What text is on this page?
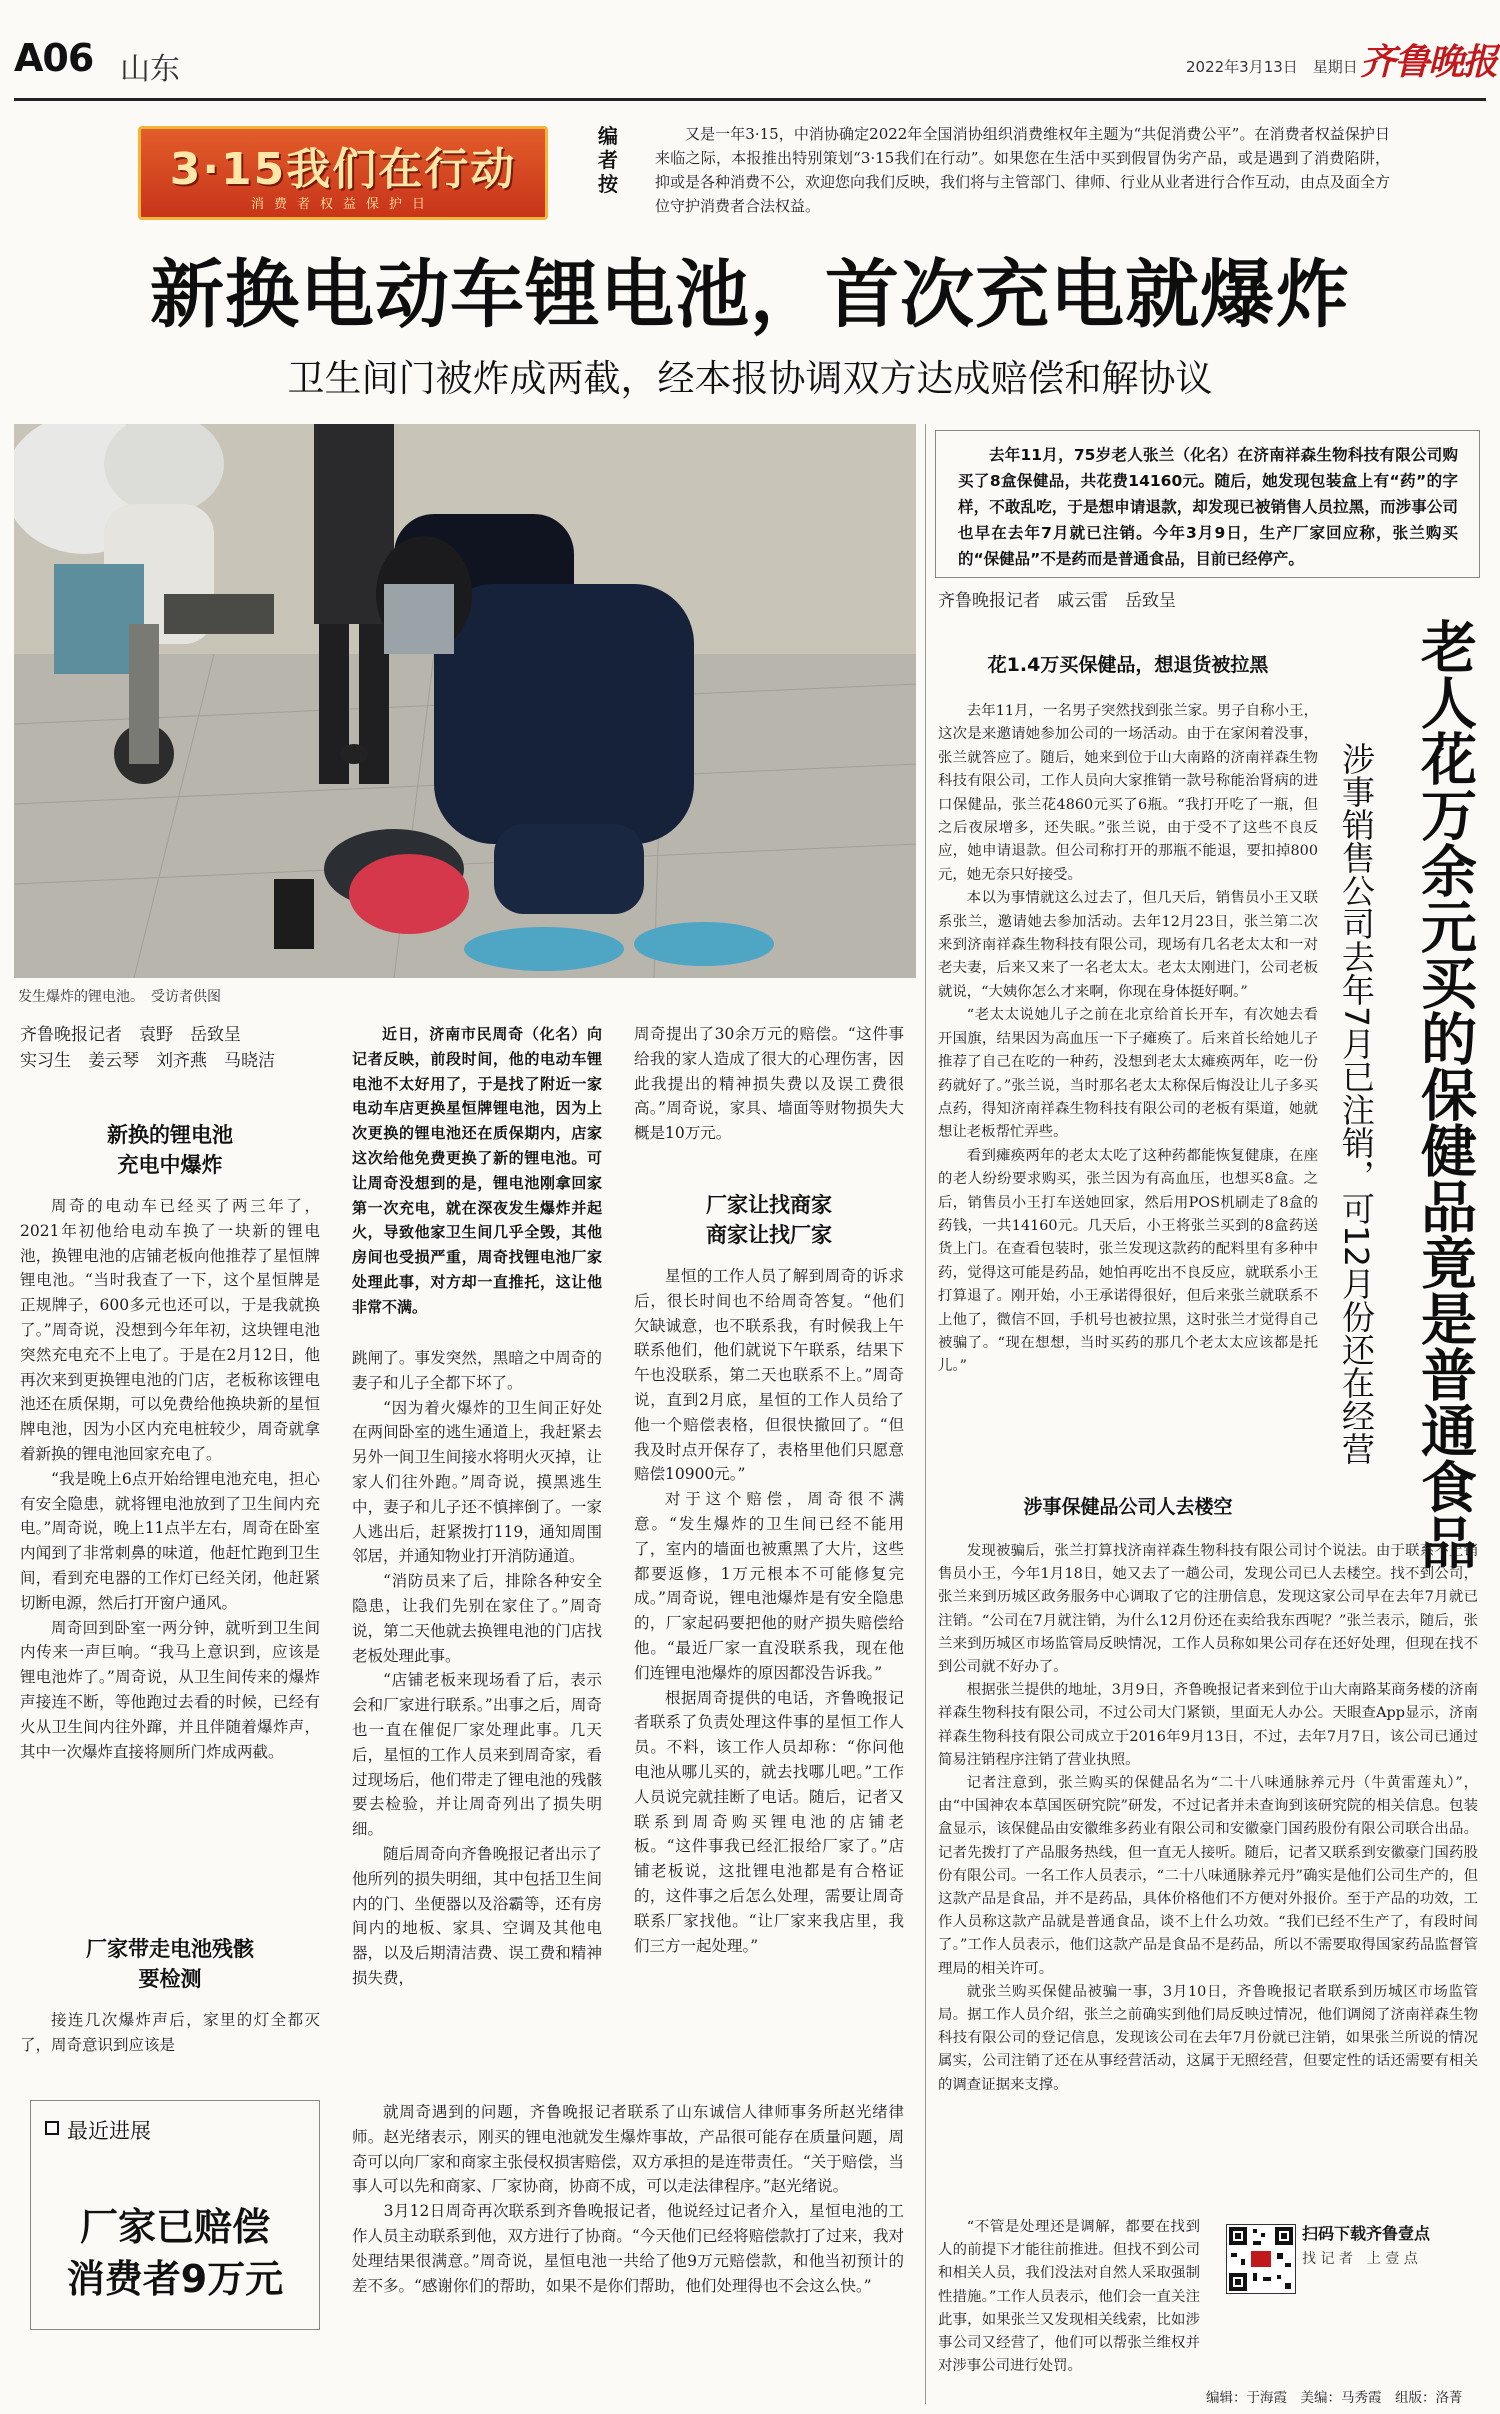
A06 山东	2022年3月13日　星期日 齐鲁晚报
3·15我们在行动
消费者权益保护日
编者按
又是一年3·15，中消协确定2022年全国消协组织消费维权年主题为“共促消费公平”。在消费者权益保护日来临之际，本报推出特别策划“3·15我们在行动”。如果您在生活中买到假冒伪劣产品，或是遇到了消费陷阱，抑或是各种消费不公，欢迎您向我们反映，我们将与主管部门、律师、行业从业者进行合作互动，由点及面全方位守护消费者合法权益。
新换电动车锂电池，首次充电就爆炸
卫生间门被炸成两截，经本报协调双方达成赔偿和解协议
发生爆炸的锂电池。　受访者供图
齐鲁晚报记者　袁野　岳致呈
实习生　姜云琴　刘齐燕　马晓洁
新换的锂电池
充电中爆炸

周奇的电动车已经买了两三年了，2021年初他给电动车换了一块新的锂电池，换锂电池的店铺老板向他推荐了星恒牌锂电池。“当时我查了一下，这个星恒牌是正规牌子，600多元也还可以，于是我就换了。”周奇说，没想到今年年初，这块锂电池突然充电充不上电了。于是在2月12日，他再次来到更换锂电池的门店，老板称该锂电池还在质保期，可以免费给他换块新的星恒牌电池，因为小区内充电桩较少，周奇就拿着新换的锂电池回家充电了。

“我是晚上6点开始给锂电池充电，担心有安全隐患，就将锂电池放到了卫生间内充电。”周奇说，晚上11点半左右，周奇在卧室内闻到了非常刺鼻的味道，他赶忙跑到卫生间，看到充电器的工作灯已经关闭，他赶紧切断电源，然后打开窗户通风。

周奇回到卧室一两分钟，就听到卫生间内传来一声巨响。“我马上意识到，应该是锂电池炸了。”周奇说，从卫生间传来的爆炸声接连不断，等他跑过去看的时候，已经有火从卫生间内往外蹿，并且伴随着爆炸声，其中一次爆炸直接将厕所门炸成两截。

厂家带走电池残骸
要检测

接连几次爆炸声后，家里的灯全都灭了，周奇意识到应该是

近日，济南市民周奇（化名）向记者反映，前段时间，他的电动车锂电池不太好用了，于是找了附近一家电动车店更换星恒牌锂电池，因为上次更换的锂电池还在质保期内，店家这次给他免费更换了新的锂电池。可让周奇没想到的是，锂电池刚拿回家第一次充电，就在深夜发生爆炸并起火，导致他家卫生间几乎全毁，其他房间也受损严重，周奇找锂电池厂家处理此事，对方却一直推托，这让他非常不满。

跳闸了。事发突然，黑暗之中周奇的妻子和儿子全都下坏了。

“因为着火爆炸的卫生间正好处在两间卧室的逃生通道上，我赶紧去另外一间卫生间接水将明火灭掉，让家人们往外跑。”周奇说，摸黑逃生中，妻子和儿子还不慎摔倒了。一家人逃出后，赶紧拨打119，通知周围邻居，并通知物业打开消防通道。

“消防员来了后，排除各种安全隐患，让我们先别在家住了。”周奇说，第二天他就去换锂电池的门店找老板处理此事。

“店铺老板来现场看了后，表示会和厂家进行联系。”出事之后，周奇也一直在催促厂家处理此事。几天后，星恒的工作人员来到周奇家，看过现场后，他们带走了锂电池的残骸要去检验，并让周奇列出了损失明细。

随后周奇向齐鲁晚报记者出示了他所列的损失明细，其中包括卫生间内的门、坐便器以及浴霸等，还有房间内的地板、家具、空调及其他电器，以及后期清洁费、误工费和精神损失费，

周奇提出了30余万元的赔偿。“这件事给我的家人造成了很大的心理伤害，因此我提出的精神损失费以及误工费很高。”周奇说，家具、墙面等财物损失大概是10万元。

厂家让找商家
商家让找厂家

星恒的工作人员了解到周奇的诉求后，很长时间也不给周奇答复。“他们欠缺诚意，也不联系我，有时候我上午联系他们，他们就说下午联系，结果下午也没联系，第二天也联系不上。”周奇说，直到2月底，星恒的工作人员给了他一个赔偿表格，但很快撤回了。“但我及时点开保存了，表格里他们只愿意赔偿10900元。”

对于这个赔偿，周奇很不满意。“发生爆炸的卫生间已经不能用了，室内的墙面也被熏黑了大片，这些都要返修，1万元根本不可能修复完成。”周奇说，锂电池爆炸是有安全隐患的，厂家起码要把他的财产损失赔偿给他。“最近厂家一直没联系我，现在他们连锂电池爆炸的原因都没告诉我。”

根据周奇提供的电话，齐鲁晚报记者联系了负责处理这件事的星恒工作人员。不料，该工作人员却称：“你问他电池从哪儿买的，就去找哪儿吧。”工作人员说完就挂断了电话。随后，记者又联系到周奇购买锂电池的店铺老板。“这件事我已经汇报给厂家了。”店铺老板说，这批锂电池都是有合格证的，这件事之后怎么处理，需要让周奇联系厂家找他。“让厂家来我店里，我们三方一起处理。”

最近进展
厂家已赔偿
消费者9万元
就周奇遇到的问题，齐鲁晚报记者联系了山东诚信人律师事务所赵光绪律师。赵光绪表示，刚买的锂电池就发生爆炸事故，产品很可能存在质量问题，周奇可以向厂家和商家主张侵权损害赔偿，双方承担的是连带责任。“关于赔偿，当事人可以先和商家、厂家协商，协商不成，可以走法律程序。”赵光绪说。
　　3月12日周奇再次联系到齐鲁晚报记者，他说经过记者介入，星恒电池的工作人员主动联系到他，双方进行了协商。“今天他们已经将赔偿款打了过来，我对处理结果很满意。”周奇说，星恒电池一共给了他9万元赔偿款，和他当初预计的差不多。“感谢你们的帮助，如果不是你们帮助，他们处理得也不会这么快。”
去年11月，75岁老人张兰（化名）在济南祥森生物科技有限公司购买了8盒保健品，共花费14160元。随后，她发现包装盒上有“药”的字样，不敢乱吃，于是想申请退款，却发现已被销售人员拉黑，而涉事公司也早在去年7月就已注销。今年3月9日，生产厂家回应称，张兰购买的“保健品”不是药而是普通食品，目前已经停产。
齐鲁晚报记者　戚云雷　岳致呈
老人花万余元买的保健品竟是普通食品
涉事销售公司去年7月已注销，可12月份还在经营
花1.4万买保健品，想退货被拉黑

去年11月，一名男子突然找到张兰家。男子自称小王，这次是来邀请她参加公司的一场活动。由于在家闲着没事，张兰就答应了。随后，她来到位于山大南路的济南祥森生物科技有限公司，工作人员向大家推销一款号称能治肾病的进口保健品，张兰花4860元买了6瓶。“我打开吃了一瓶，但之后夜尿增多，还失眠。”张兰说，由于受不了这些不良反应，她申请退款。但公司称打开的那瓶不能退，要扣掉800元，她无奈只好接受。

本以为事情就这么过去了，但几天后，销售员小王又联系张兰，邀请她去参加活动。去年12月23日，张兰第二次来到济南祥森生物科技有限公司，现场有几名老太太和一对老夫妻，后来又来了一名老太太。老太太刚进门，公司老板就说，“大姨你怎么才来啊，你现在身体挺好啊。”

“老太太说她儿子之前在北京给首长开车，有次她去看开国旗，结果因为高血压一下子瘫痪了。后来首长给她儿子推荐了自己在吃的一种药，没想到老太太瘫痪两年，吃一份药就好了。”张兰说，当时那名老太太称保后悔没让儿子多买点药，得知济南祥森生物科技有限公司的老板有渠道，她就想让老板帮忙弄些。

看到瘫痪两年的老太太吃了这种药都能恢复健康，在座的老人纷纷要求购买，张兰因为有高血压，也想买8盒。之后，销售员小王打车送她回家，然后用POS机刷走了8盒的药钱，一共14160元。几天后，小王将张兰买到的8盒药送货上门。在查看包装时，张兰发现这款药的配料里有多种中药，觉得这可能是药品，她怕再吃出不良反应，就联系小王打算退了。刚开始，小王承诺得很好，但后来张兰就联系不上他了，微信不回，手机号也被拉黑，这时张兰才觉得自己被骗了。“现在想想，当时买药的那几个老太太应该都是托儿。”

涉事保健品公司人去楼空

发现被骗后，张兰打算找济南祥森生物科技有限公司讨个说法。由于联系不上销售员小王，今年1月18日，她又去了一趟公司，发现公司已人去楼空。找不到公司，张兰来到历城区政务服务中心调取了它的注册信息，发现这家公司早在去年7月就已注销。“公司在7月就注销，为什么12月份还在卖给我东西呢？”张兰表示，随后，张兰来到历城区市场监管局反映情况，工作人员称如果公司存在还好处理，但现在找不到公司就不好办了。

根据张兰提供的地址，3月9日，齐鲁晚报记者来到位于山大南路某商务楼的济南祥森生物科技有限公司，不过公司大门紧锁，里面无人办公。天眼查App显示，济南祥森生物科技有限公司成立于2016年9月13日，不过，去年7月7日，该公司已通过简易注销程序注销了营业执照。

记者注意到，张兰购买的保健品名为“二十八味通脉养元丹（牛黄雷莲丸）”，由“中国神农本草国医研究院”研发，不过记者并未查询到该研究院的相关信息。包装盒显示，该保健品由安徽维多药业有限公司和安徽豪门国药股份有限公司联合出品。记者先拨打了产品服务热线，但一直无人接听。随后，记者又联系到安徽豪门国药股份有限公司。一名工作人员表示，“二十八味通脉养元丹”确实是他们公司生产的，但这款产品是食品，并不是药品，具体价格他们不方便对外报价。至于产品的功效，工作人员称这款产品就是普通食品，谈不上什么功效。“我们已经不生产了，有段时间了。”工作人员表示，他们这款产品是食品不是药品，所以不需要取得国家药品监督管理局的相关许可。

就张兰购买保健品被骗一事，3月10日，齐鲁晚报记者联系到历城区市场监管局。据工作人员介绍，张兰之前确实到他们局反映过情况，他们调阅了济南祥森生物科技有限公司的登记信息，发现该公司在去年7月份就已注销，如果张兰所说的情况属实，公司注销了还在从事经营活动，这属于无照经营，但要定性的话还需要有相关的调查证据来支撑。

“不管是处理还是调解，都要在找到人的前提下才能往前推进。但找不到公司和相关人员，我们没法对自然人采取强制性措施。”工作人员表示，他们会一直关注此事，如果张兰又发现相关线索，比如涉事公司又经营了，他们可以帮张兰维权并对涉事公司进行处罚。

扫码下载齐鲁壹点
找 记 者　上 壹 点
编辑：于海霞　美编：马秀霞　组版：洛菁
